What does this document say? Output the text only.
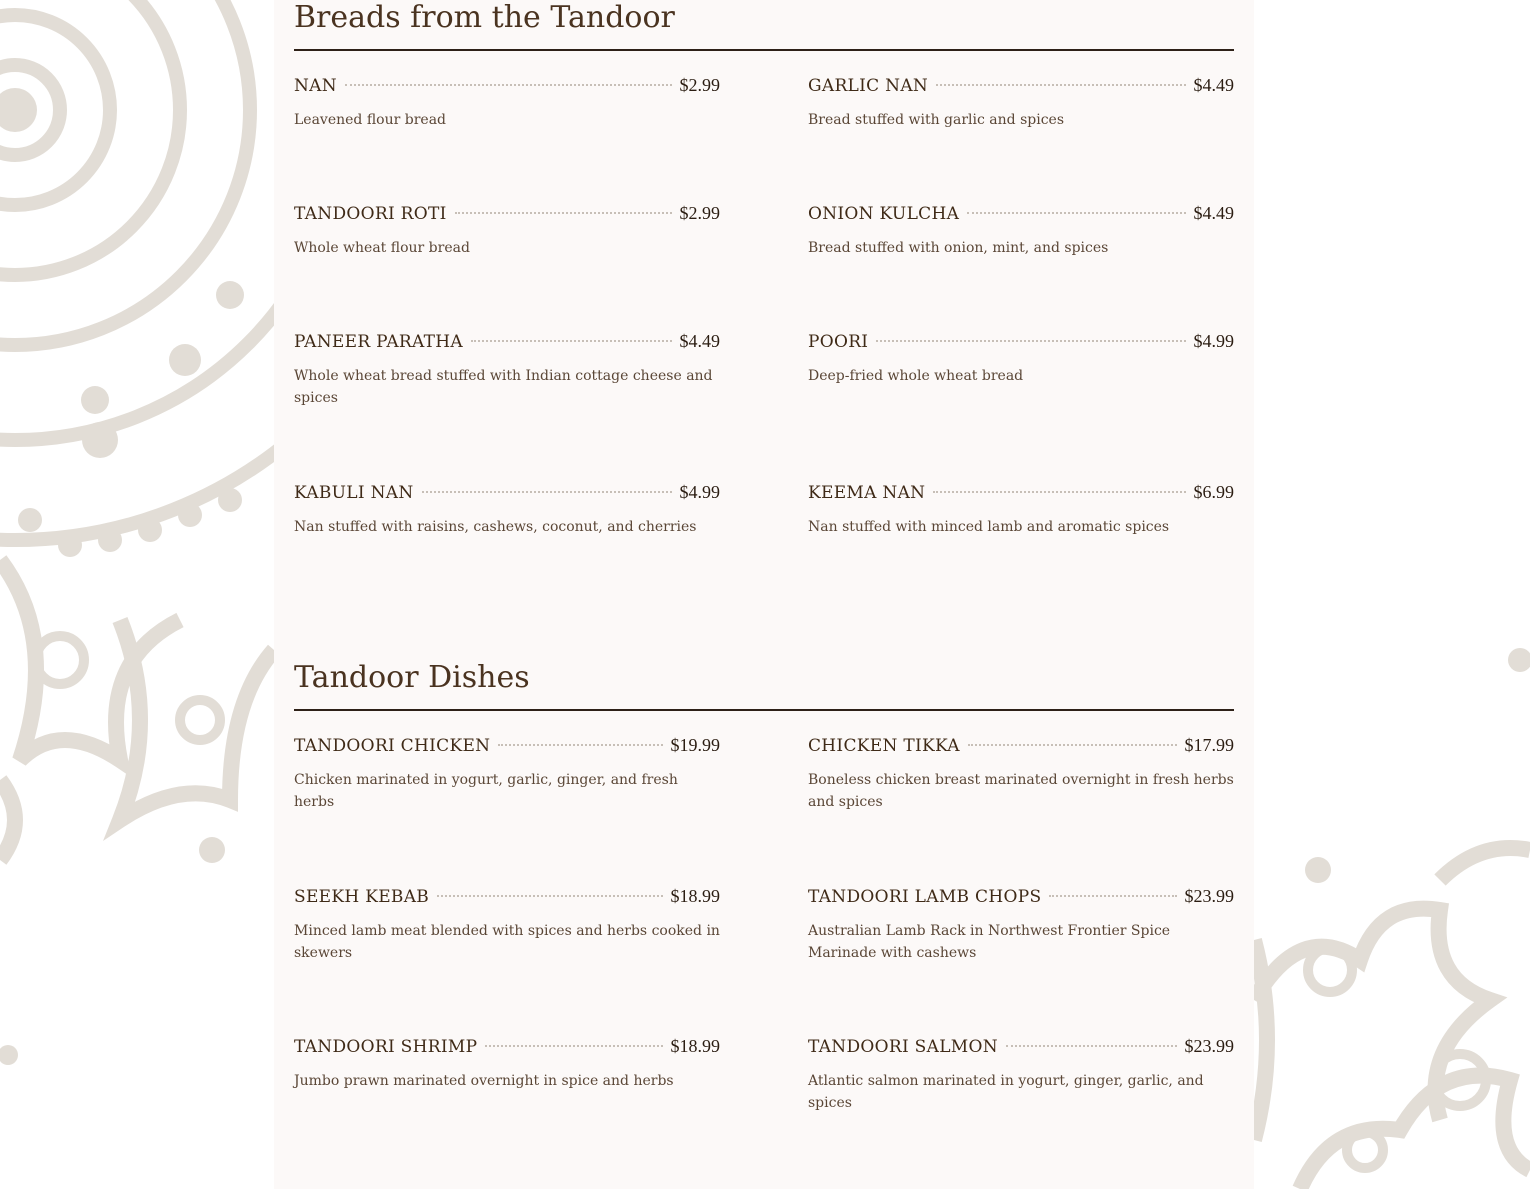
Breads from the Tandoor
NAN	$2.99
Leavened flour bread
GARLIC NAN	$4.49
Bread stuffed with garlic and spices
TANDOORI ROTI	$2.99
Whole wheat flour bread
ONION KULCHA	$4.49
Bread stuffed with onion, mint, and spices
PANEER PARATHA	$4.49
Whole wheat bread stuffed with Indian cottage cheese and spices
POORI	$4.99
Deep-fried whole wheat bread
KABULI NAN	$4.99
Nan stuffed with raisins, cashews, coconut, and cherries
KEEMA NAN	$6.99
Nan stuffed with minced lamb and aromatic spices
Tandoor Dishes
TANDOORI CHICKEN	$19.99
Chicken marinated in yogurt, garlic, ginger, and fresh herbs
CHICKEN TIKKA	$17.99
Boneless chicken breast marinated overnight in fresh herbs and spices
SEEKH KEBAB	$18.99
Minced lamb meat blended with spices and herbs cooked in skewers
TANDOORI LAMB CHOPS	$23.99
Australian Lamb Rack in Northwest Frontier Spice Marinade with cashews
TANDOORI SHRIMP	$18.99
Jumbo prawn marinated overnight in spice and herbs
TANDOORI SALMON	$23.99
Atlantic salmon marinated in yogurt, ginger, garlic, and spices
